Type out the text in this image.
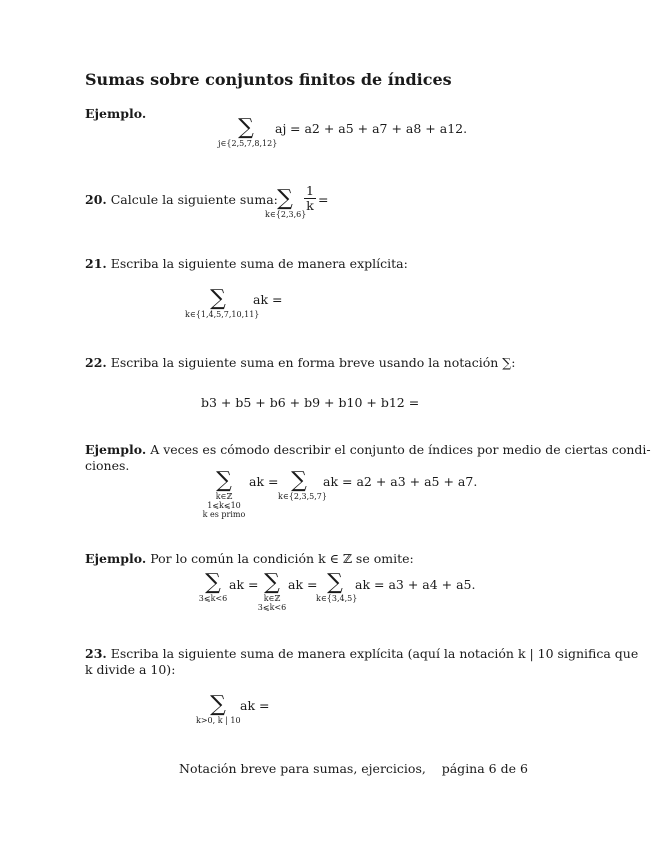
Sumas sobre conjuntos finitos de índices
Ejemplo.
∑
j∈{2,5,7,8,12}
aj = a2 + a5 + a7 + a8 + a12.
20. Calcule la siguiente suma: ∑
k∈{2,3,6}
$\frac{1}{k}$ =
21. Escriba la siguiente suma de manera explícita:
∑
k∈{1,4,5,7,10,11}
ak =
22. Escriba la siguiente suma en forma breve usando la notación ∑:
b3 + b5 + b6 + b9 + b10 + b12 =
Ejemplo. A veces es cómodo describir el conjunto de índices por medio de ciertas condi-
ciones.
∑
k∈ℤ
1⩽k⩽10
k es primo
ak = ∑
k∈{2,3,5,7}
ak = a2 + a3 + a5 + a7.
Ejemplo. Por lo común la condición k ∈ ℤ se omite:
∑
3⩽k<6
ak = ∑
k∈ℤ
3⩽k<6
ak = ∑
k∈{3,4,5}
ak = a3 + a4 + a5.
23. Escriba la siguiente suma de manera explícita (aquí la notación k | 10 significa que
k divide a 10):
∑
k>0, k | 10
ak =
Notación breve para sumas, ejercicios,    página 6 de 6
